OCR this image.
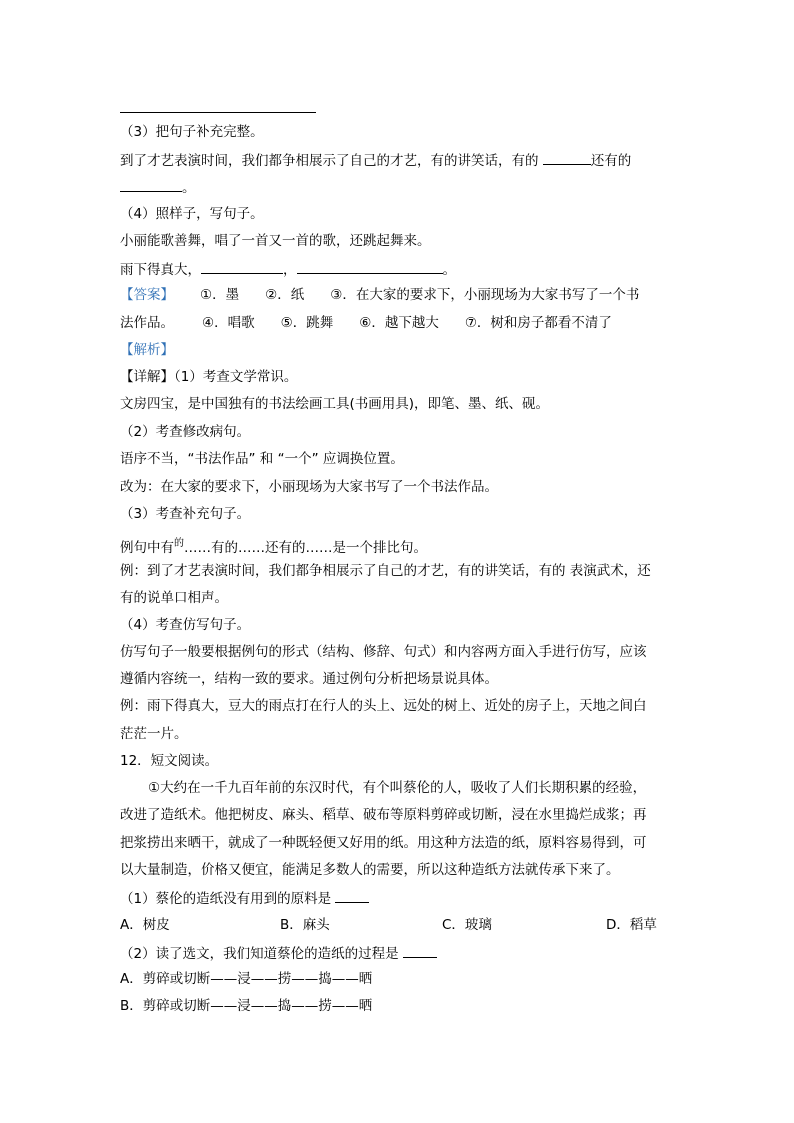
（3）把句子补充完整。
到了才艺表演时间，我们都争相展示了自己的才艺，有的讲笑话，有的	还有的
。
（4）照样子，写句子。
小丽能歌善舞，唱了一首又一首的歌，还跳起舞来。
雨下得真大，	，	。
【答案】 ①．墨 ②．纸 ③．在大家的要求下，小丽现场为大家书写了一个书
法作品。 ④．唱歌 ⑤．跳舞 ⑥．越下越大 ⑦．树和房子都看不清了
【解析】
【详解】（1）考查文学常识。
文房四宝，是中国独有的书法绘画工具(书画用具)，即笔、墨、纸、砚。
（2）考查修改病句。
语序不当，“书法作品” 和 “一个” 应调换位置。
改为：在大家的要求下，小丽现场为大家书写了一个书法作品。
（3）考查补充句子。
例句中有$^的$……有的……还有的……是一个排比句。
例：到了才艺表演时间，我们都争相展示了自己的才艺，有的讲笑话，有的 表演武术，还
有的说单口相声。
（4）考查仿写句子。
仿写句子一般要根据例句的形式（结构、修辞、句式）和内容两方面入手进行仿写，应该
遵循内容统一，结构一致的要求。通过例句分析把场景说具体。
例：雨下得真大，豆大的雨点打在行人的头上、远处的树上、近处的房子上，天地之间白
茫茫一片。
12．短文阅读。
①大约在一千九百年前的东汉时代，有个叫蔡伦的人，吸收了人们长期积累的经验，
改进了造纸术。他把树皮、麻头、稻草、破布等原料剪碎或切断，浸在水里捣烂成浆；再
把浆捞出来晒干，就成了一种既轻便又好用的纸。用这种方法造的纸，原料容易得到，可
以大量制造，价格又便宜，能满足多数人的需要，所以这种造纸方法就传承下来了。
（1）蔡伦的造纸没有用到的原料是
A．树皮	B．麻头	C．玻璃	D．稻草
（2）读了选文，我们知道蔡伦的造纸的过程是
A．剪碎或切断——浸——捞——捣——晒
B．剪碎或切断——浸——捣——捞——晒
